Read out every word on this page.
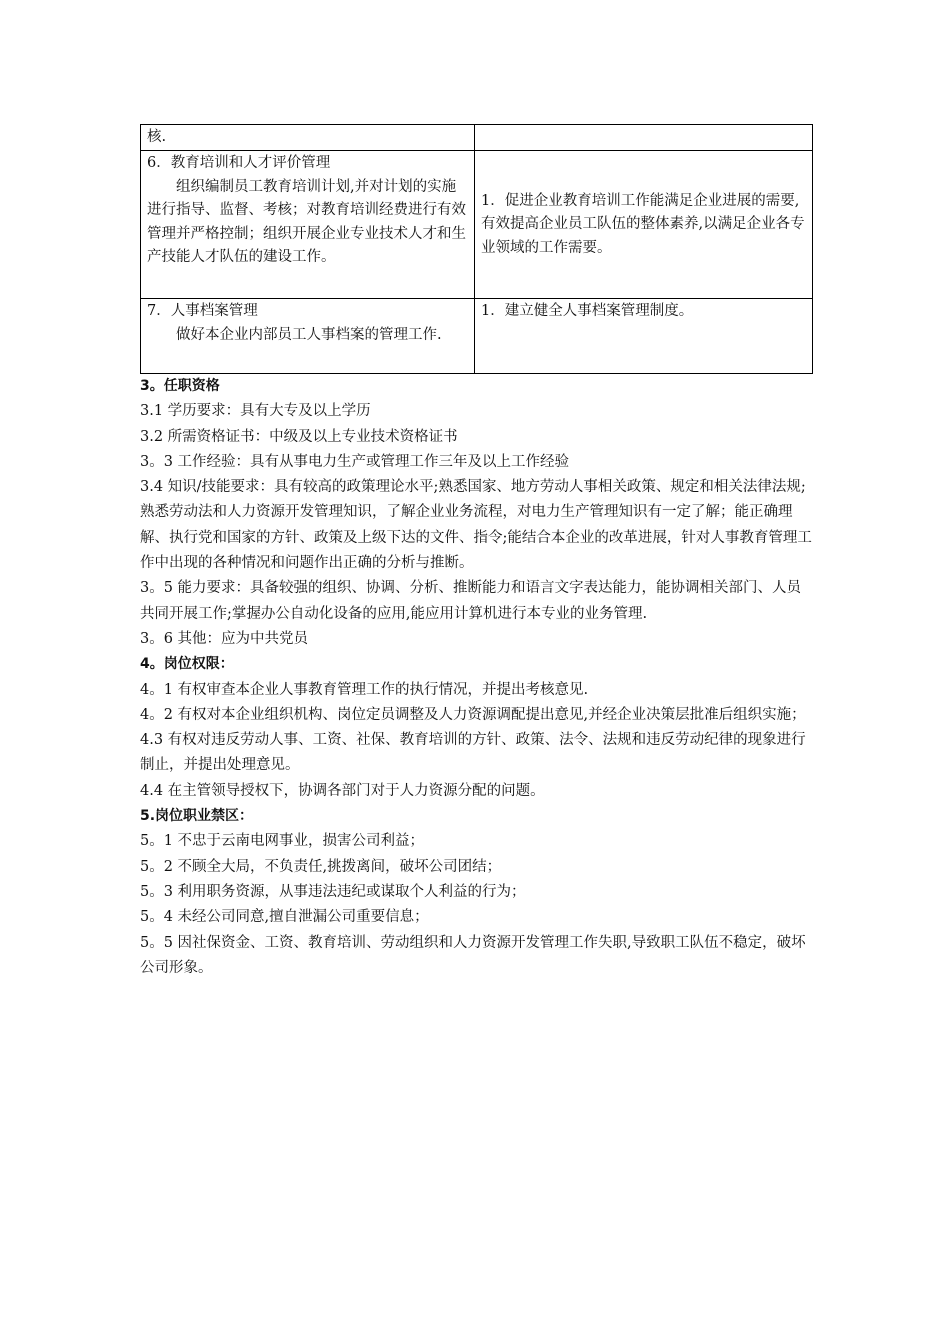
核.	

6．教育培训和人才评价管理
组织编制员工教育培训计划,并对计划的实施进行指导、监督、考核；对教育培训经费进行有效管理并严格控制；组织开展企业专业技术人才和生产技能人才队伍的建设工作。	1．促进企业教育培训工作能满足企业进展的需要,有效提高企业员工队伍的整体素养,以满足企业各专业领域的工作需要。

7．人事档案管理
做好本企业内部员工人事档案的管理工作.	1．建立健全人事档案管理制度。

3。任职资格

3.1 学历要求：具有大专及以上学历

3.2 所需资格证书：中级及以上专业技术资格证书

3。3 工作经验：具有从事电力生产或管理工作三年及以上工作经验

3.4 知识/技能要求：具有较高的政策理论水平;熟悉国家、地方劳动人事相关政策、规定和相关法律法规;熟悉劳动法和人力资源开发管理知识，了解企业业务流程，对电力生产管理知识有一定了解；能正确理解、执行党和国家的方针、政策及上级下达的文件、指令;能结合本企业的改革进展，针对人事教育管理工作中出现的各种情况和问题作出正确的分析与推断。

3。5 能力要求：具备较强的组织、协调、分析、推断能力和语言文字表达能力，能协调相关部门、人员共同开展工作;掌握办公自动化设备的应用,能应用计算机进行本专业的业务管理.

3。6 其他：应为中共党员

4。岗位权限：

4。1 有权审查本企业人事教育管理工作的执行情况，并提出考核意见.

4。2 有权对本企业组织机构、岗位定员调整及人力资源调配提出意见,并经企业决策层批准后组织实施；

4.3 有权对违反劳动人事、工资、社保、教育培训的方针、政策、法令、法规和违反劳动纪律的现象进行制止，并提出处理意见。

4.4 在主管领导授权下，协调各部门对于人力资源分配的问题。

5.岗位职业禁区：

5。1 不忠于云南电网事业，损害公司利益；

5。2 不顾全大局，不负责任,挑拨离间，破坏公司团结；

5。3 利用职务资源，从事违法违纪或谋取个人利益的行为；

5。4 未经公司同意,擅自泄漏公司重要信息；

5。5 因社保资金、工资、教育培训、劳动组织和人力资源开发管理工作失职,导致职工队伍不稳定，破坏公司形象。
